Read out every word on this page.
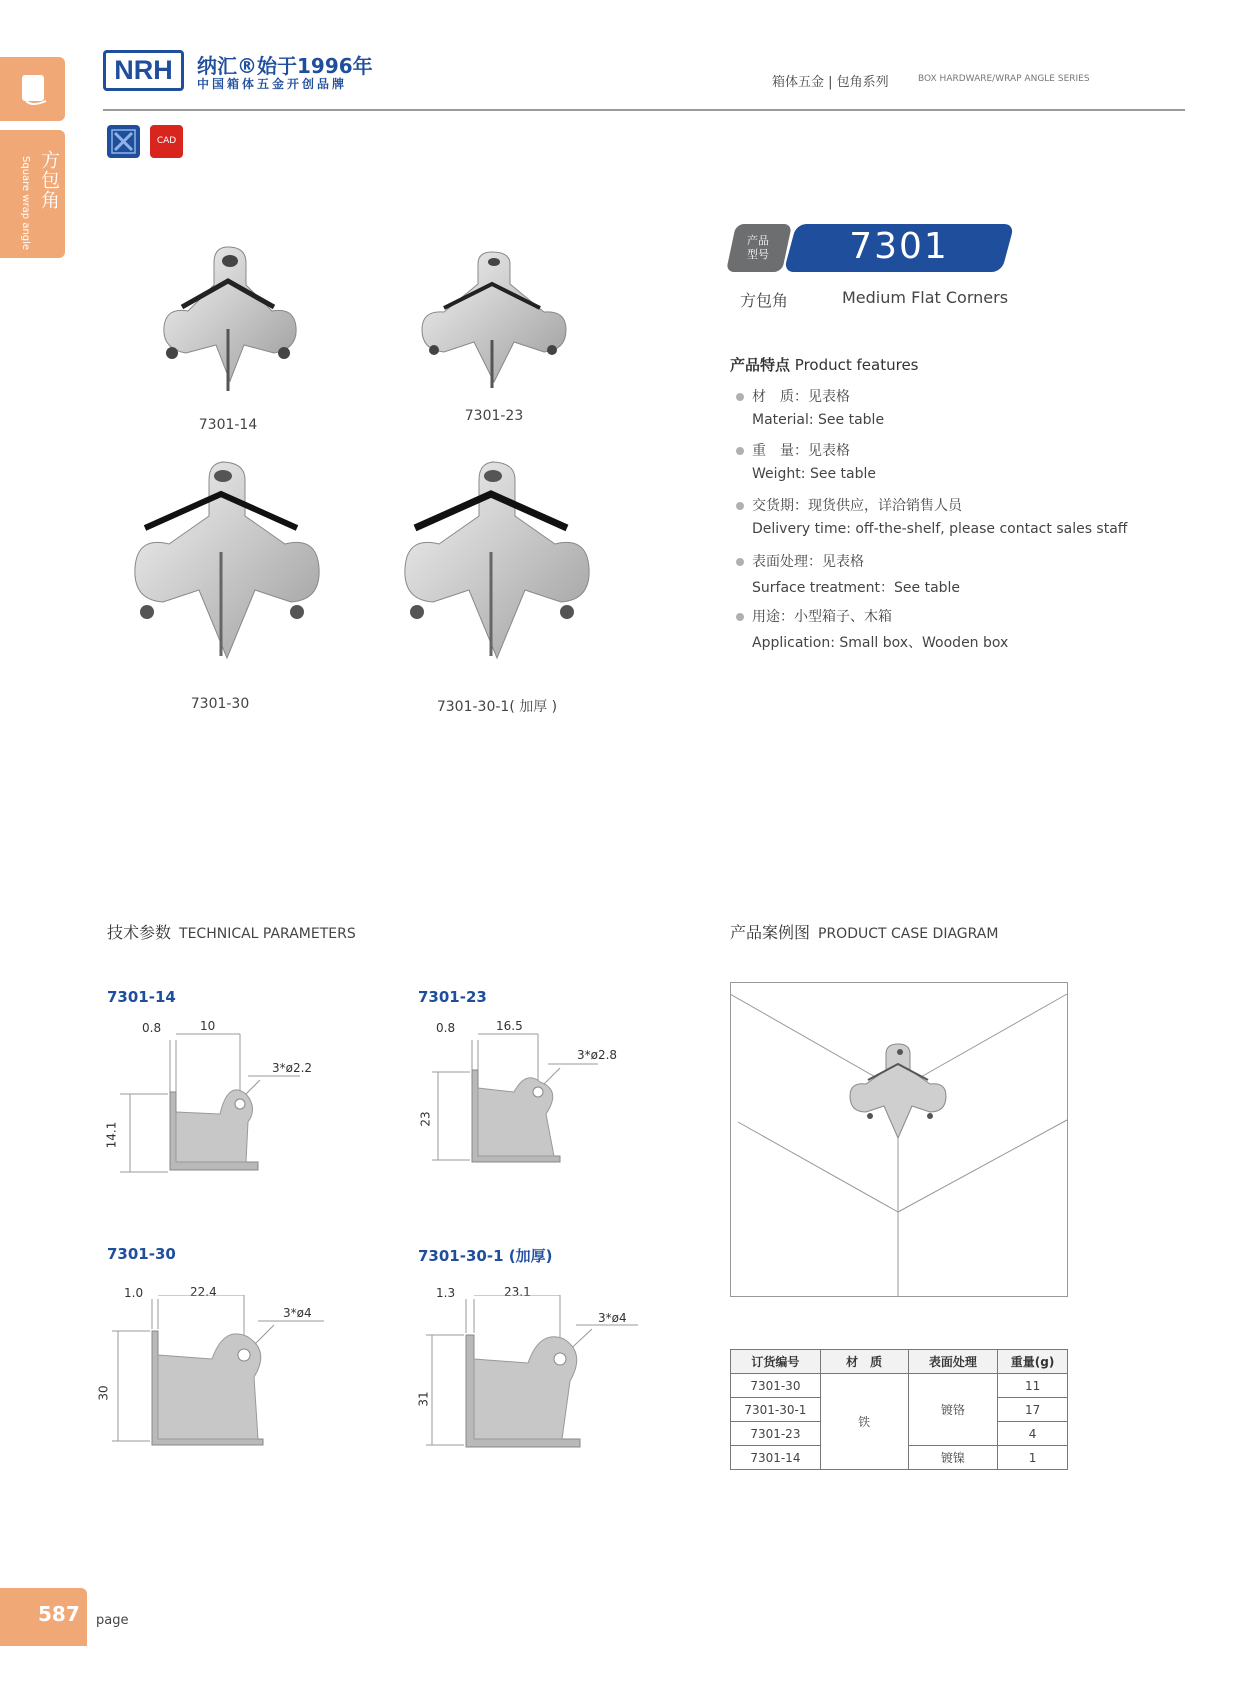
方包角
Square wrap angle
NRH	纳汇®始于1996年
中国箱体五金开创品牌	箱体五金 | 包角系列	BOX HARDWARE/WRAP ANGLE SERIES
CAD
7301-14
7301-23
7301-30	7301-30-1( 加厚 )
产品型号	7301
方包角	Medium Flat Corners
产品特点 Product features
材　质：见表格
Material: See table
重　量：见表格
Weight: See table
交货期：现货供应，详洽销售人员
Delivery time: off-the-shelf, please contact sales staff
表面处理：见表格
Surface treatment：See table
用途：小型箱子、木箱
Application: Small box、Wooden box
技术参数 TECHNICAL PARAMETERS
7301-14
0.8	10
3*ø2.2
14.1
7301-23
0.8	16.5
3*ø2.8
23
7301-30
1.0	22.4
3*ø4
30
7301-30-1 (加厚)
1.3	23.1
3*ø4
31
产品案例图 PRODUCT CASE DIAGRAM
订货编号	材　质	表面处理	重量(g)
7301-30	铁	镀铬	11
7301-30-1			17
7301-23			4
7301-14		镀镍	1
587 page
